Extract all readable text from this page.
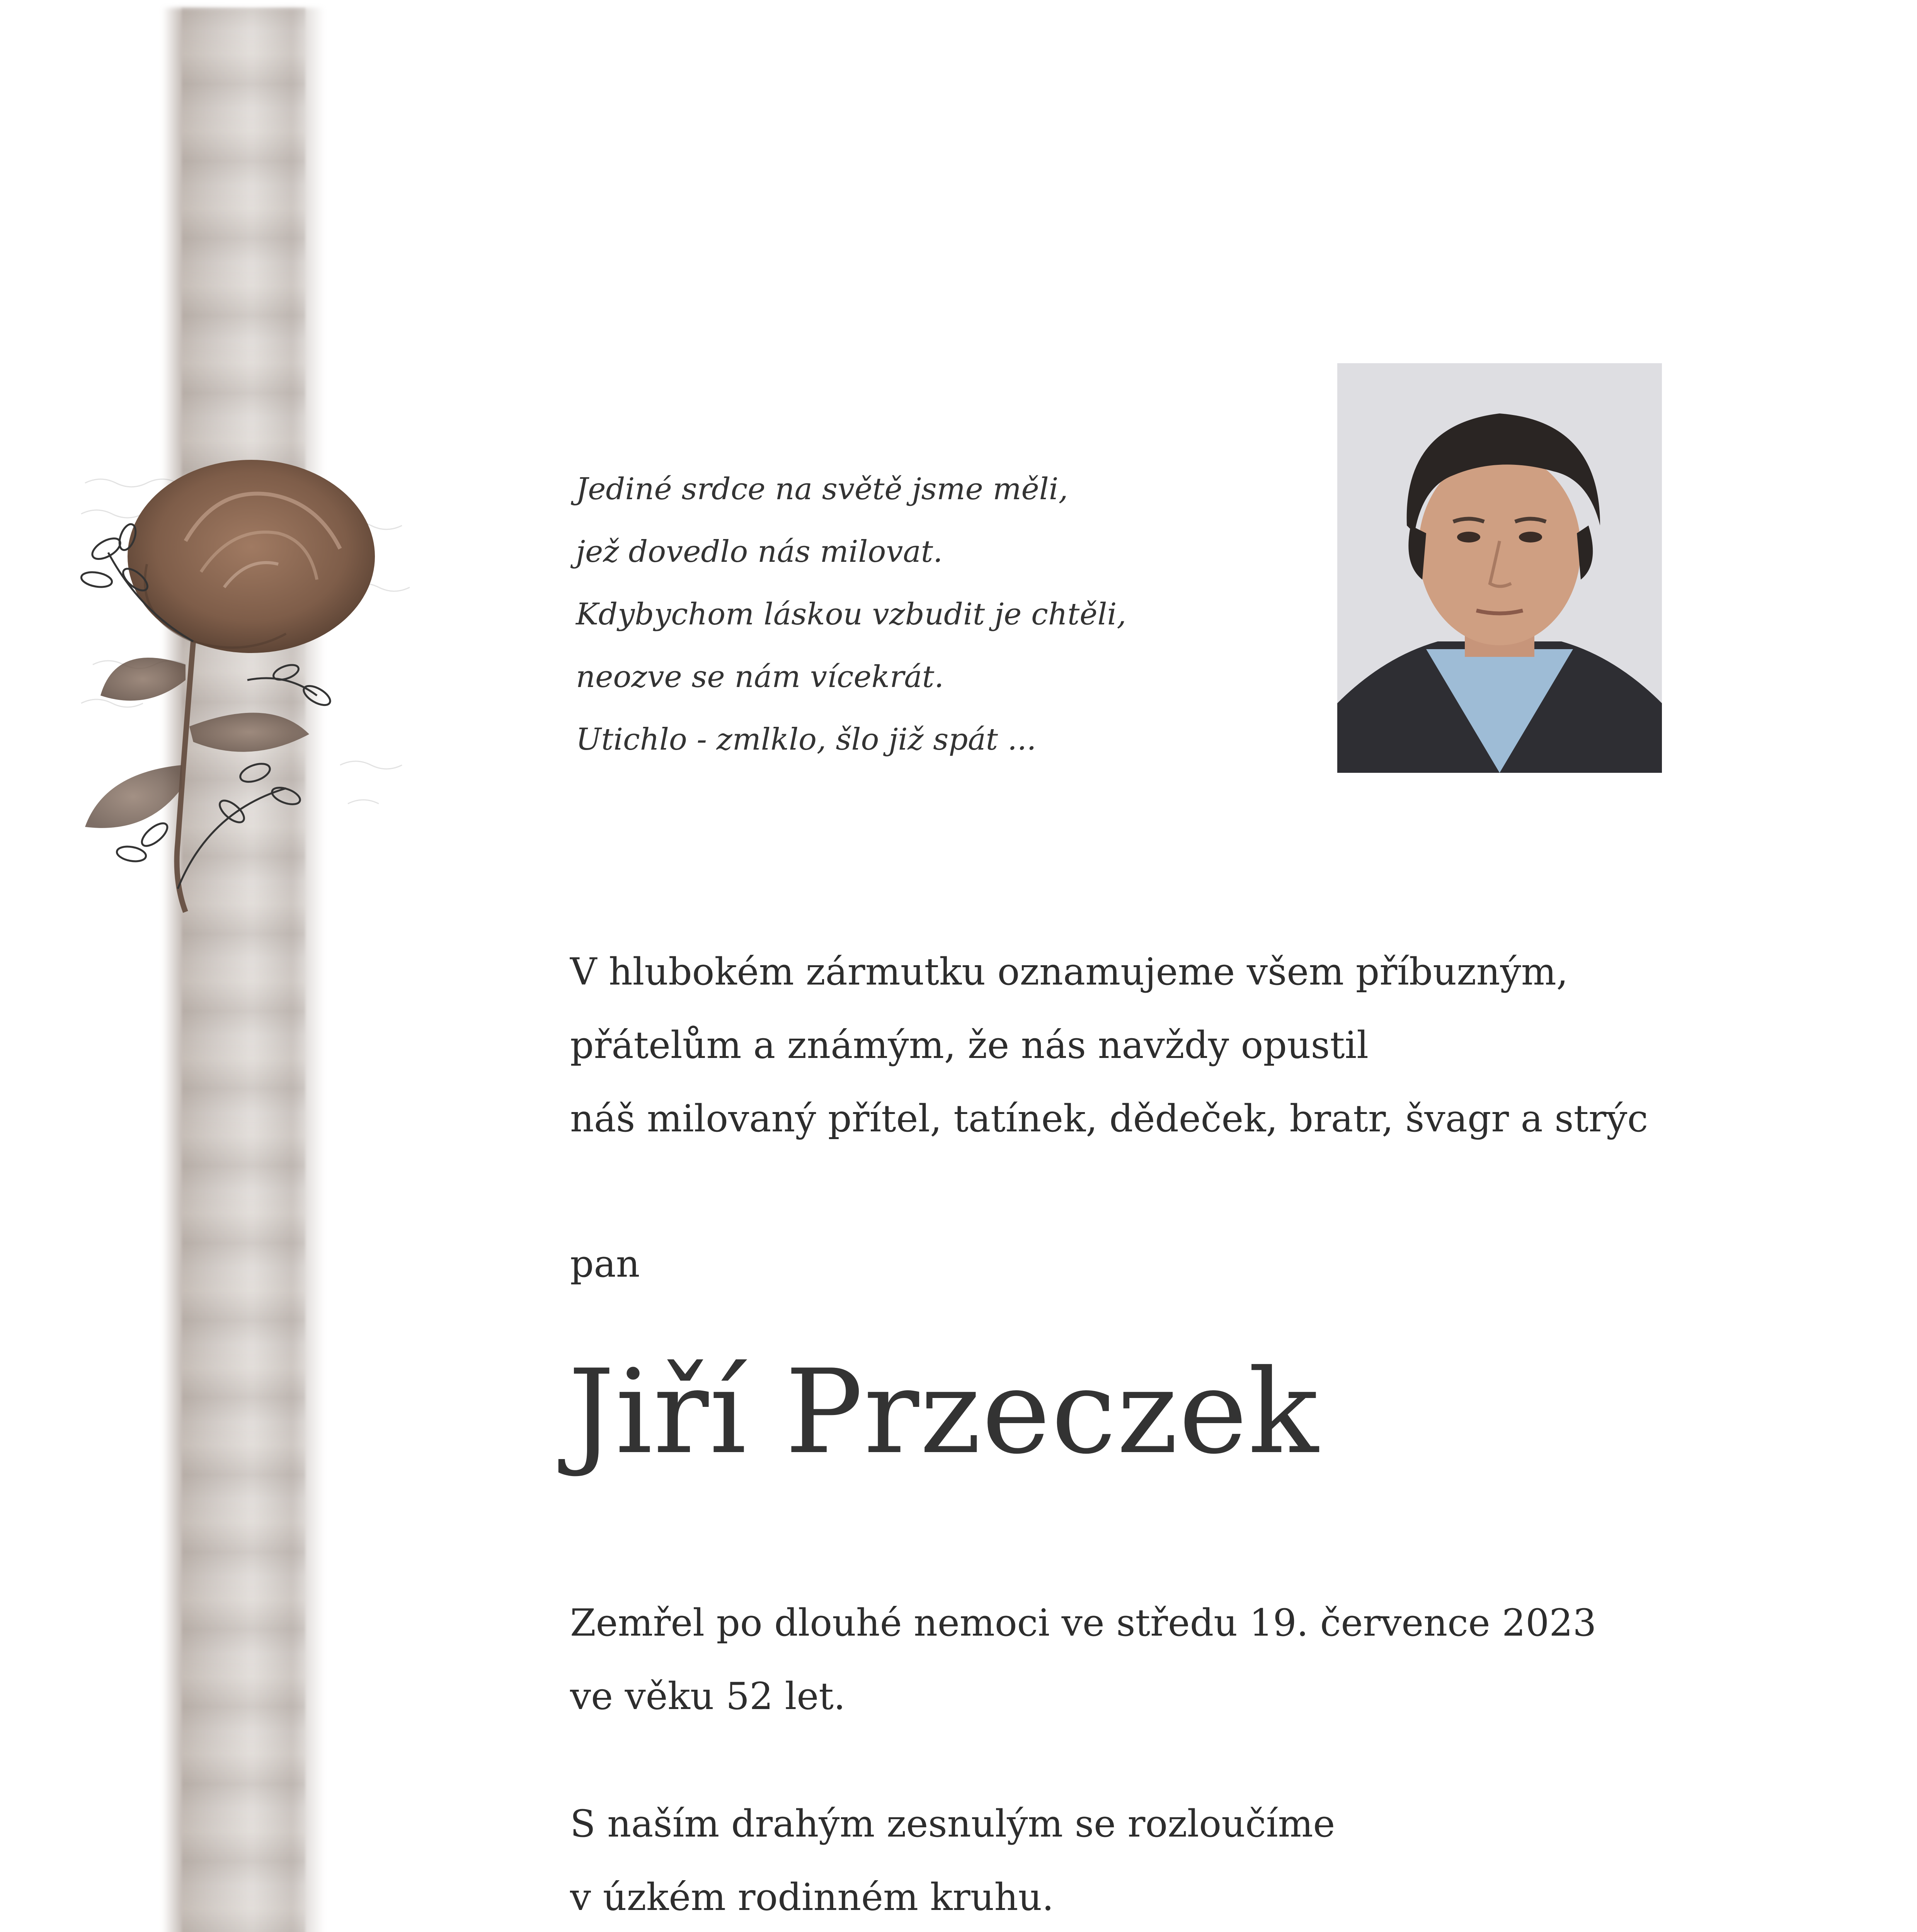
Jediné srdce na světě jsme měli,
jež dovedlo nás milovat.
Kdybychom láskou vzbudit je chtěli,
neozve se nám vícekrát.
Utichlo - zmlklo, šlo již spát ...
V hlubokém zármutku oznamujeme všem příbuzným,
přátelům a známým, že nás navždy opustil
náš milovaný přítel, tatínek, dědeček, bratr, švagr a strýc
pan
Jiří Przeczek
Zemřel po dlouhé nemoci ve středu 19. července 2023
ve věku 52 let.
S naším drahým zesnulým se rozloučíme
v úzkém rodinném kruhu.
